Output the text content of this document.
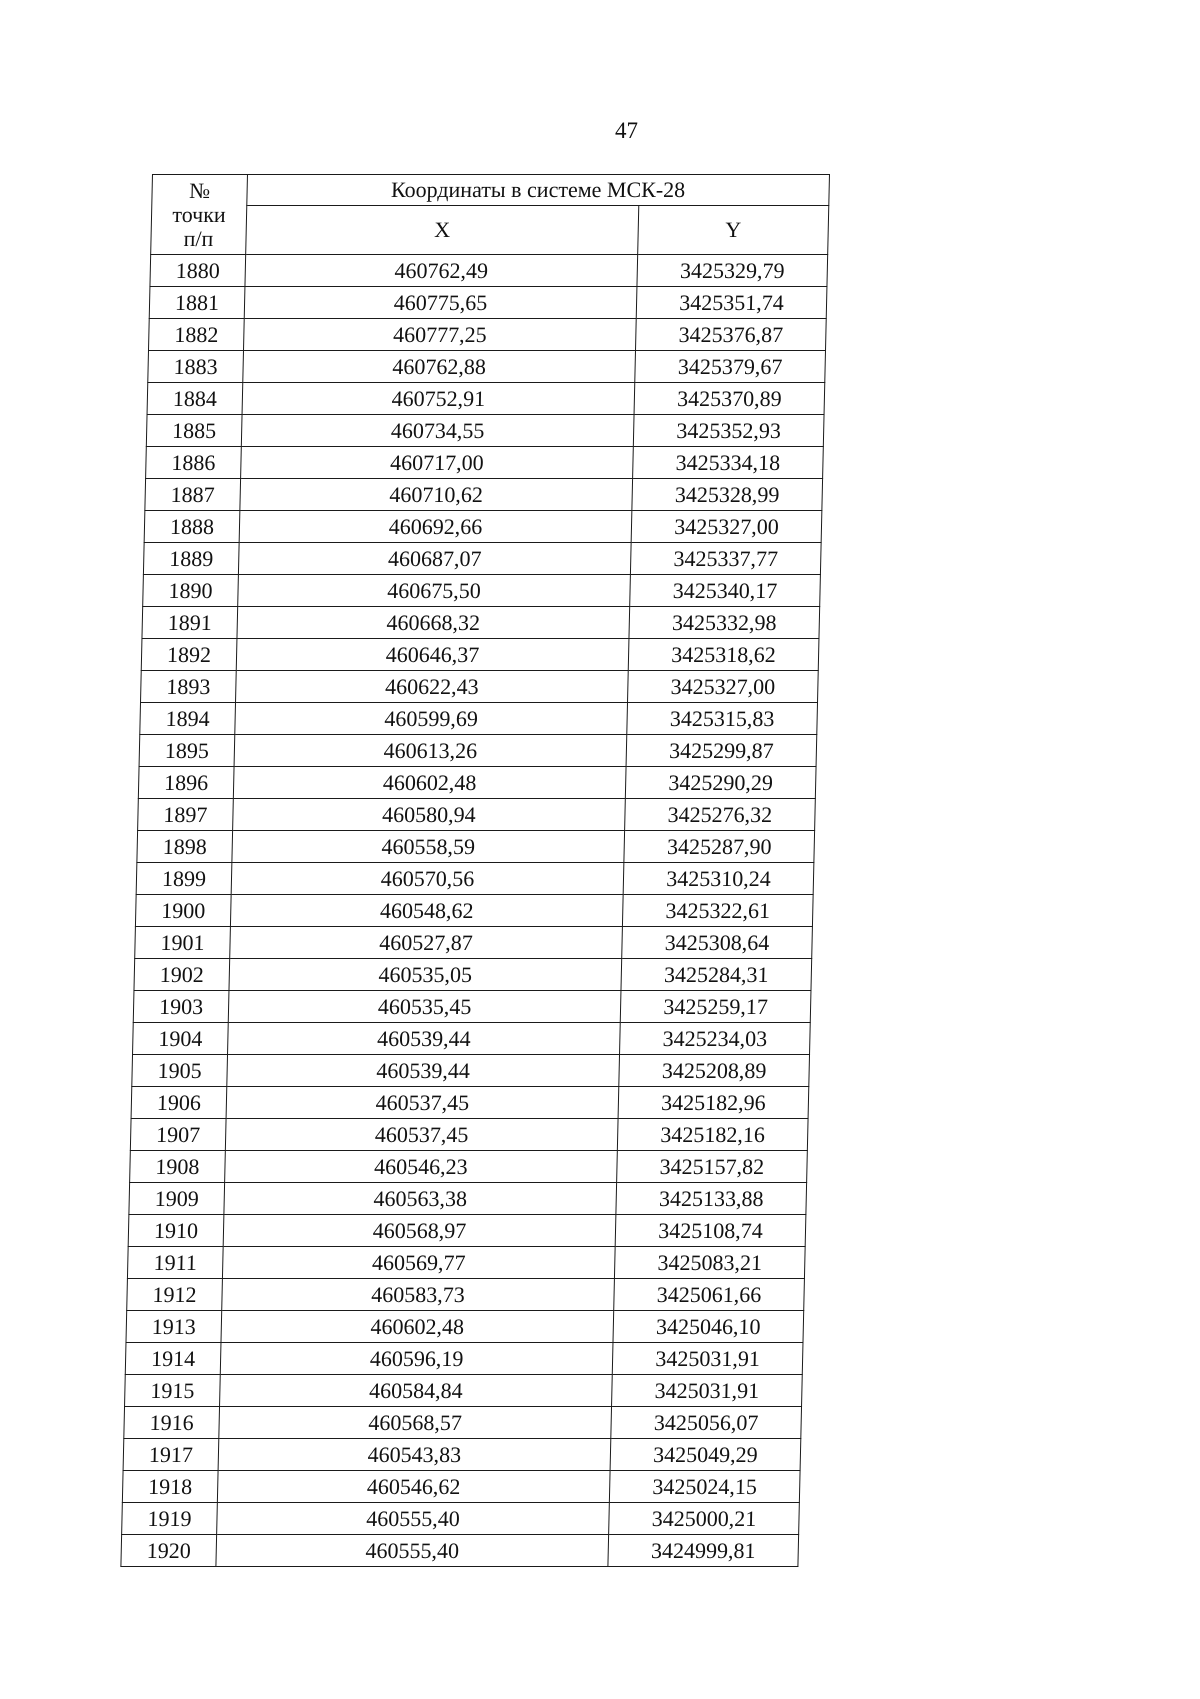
47
№
точки
п/п	Координаты в системе МСК-28	
	X	Y
1880	460762,49	3425329,79
1881	460775,65	3425351,74
1882	460777,25	3425376,87
1883	460762,88	3425379,67
1884	460752,91	3425370,89
1885	460734,55	3425352,93
1886	460717,00	3425334,18
1887	460710,62	3425328,99
1888	460692,66	3425327,00
1889	460687,07	3425337,77
1890	460675,50	3425340,17
1891	460668,32	3425332,98
1892	460646,37	3425318,62
1893	460622,43	3425327,00
1894	460599,69	3425315,83
1895	460613,26	3425299,87
1896	460602,48	3425290,29
1897	460580,94	3425276,32
1898	460558,59	3425287,90
1899	460570,56	3425310,24
1900	460548,62	3425322,61
1901	460527,87	3425308,64
1902	460535,05	3425284,31
1903	460535,45	3425259,17
1904	460539,44	3425234,03
1905	460539,44	3425208,89
1906	460537,45	3425182,96
1907	460537,45	3425182,16
1908	460546,23	3425157,82
1909	460563,38	3425133,88
1910	460568,97	3425108,74
1911	460569,77	3425083,21
1912	460583,73	3425061,66
1913	460602,48	3425046,10
1914	460596,19	3425031,91
1915	460584,84	3425031,91
1916	460568,57	3425056,07
1917	460543,83	3425049,29
1918	460546,62	3425024,15
1919	460555,40	3425000,21
1920	460555,40	3424999,81
